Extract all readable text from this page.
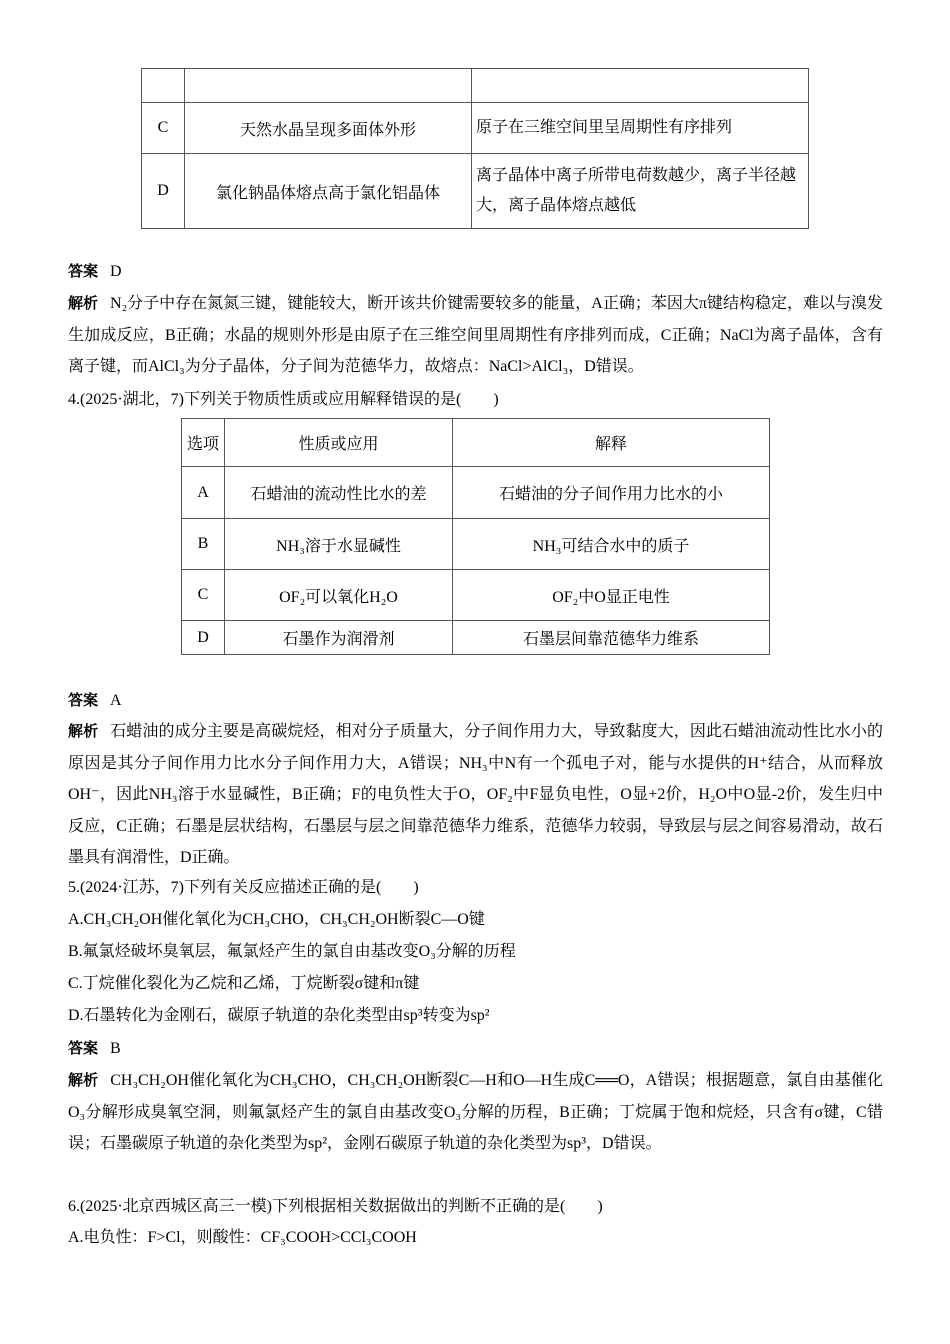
C	天然水晶呈现多面体外形	原子在三维空间里呈周期性有序排列
D	氯化钠晶体熔点高于氯化铝晶体	离子晶体中离子所带电荷数越少，离子半径越大，离子晶体熔点越低
答案 D
解析 N₂分子中存在氮氮三键，键能较大，断开该共价键需要较多的能量，A正确；苯因大π键结构稳定，难以与溴发生加成反应，B正确；水晶的规则外形是由原子在三维空间里周期性有序排列而成，C正确；NaCl为离子晶体，含有离子键，而AlCl₃为分子晶体，分子间为范德华力，故熔点：NaCl>AlCl₃，D错误。
4.(2025·湖北，7)下列关于物质性质或应用解释错误的是(　　)
选项	性质或应用	解释
A	石蜡油的流动性比水的差	石蜡油的分子间作用力比水的小
B	NH₃溶于水显碱性	NH₃可结合水中的质子
C	OF₂可以氧化H₂O	OF₂中O显正电性
D	石墨作为润滑剂	石墨层间靠范德华力维系
答案 A
解析 石蜡油的成分主要是高碳烷烃，相对分子质量大，分子间作用力大，导致黏度大，因此石蜡油流动性比水小的原因是其分子间作用力比水分子间作用力大，A错误；NH₃中N有一个孤电子对，能与水提供的H⁺结合，从而释放OH⁻，因此NH₃溶于水显碱性，B正确；F的电负性大于O，OF₂中F显负电性，O显+2价，H₂O中O显-2价，发生归中反应，C正确；石墨是层状结构，石墨层与层之间靠范德华力维系，范德华力较弱，导致层与层之间容易滑动，故石墨具有润滑性，D正确。
5.(2024·江苏，7)下列有关反应描述正确的是(　　)
A.CH₃CH₂OH催化氧化为CH₃CHO，CH₃CH₂OH断裂C—O键
B.氟氯烃破坏臭氧层，氟氯烃产生的氯自由基改变O₃分解的历程
C.丁烷催化裂化为乙烷和乙烯，丁烷断裂σ键和π键
D.石墨转化为金刚石，碳原子轨道的杂化类型由sp³转变为sp²
答案 B
解析 CH₃CH₂OH催化氧化为CH₃CHO，CH₃CH₂OH断裂C—H和O—H生成C══O，A错误；根据题意，氯自由基催化O₃分解形成臭氧空洞，则氟氯烃产生的氯自由基改变O₃分解的历程，B正确；丁烷属于饱和烷烃，只含有σ键，C错误；石墨碳原子轨道的杂化类型为sp²，金刚石碳原子轨道的杂化类型为sp³，D错误。
6.(2025·北京西城区高三一模)下列根据相关数据做出的判断不正确的是(　　)
A.电负性：F>Cl，则酸性：CF₃COOH>CCl₃COOH
